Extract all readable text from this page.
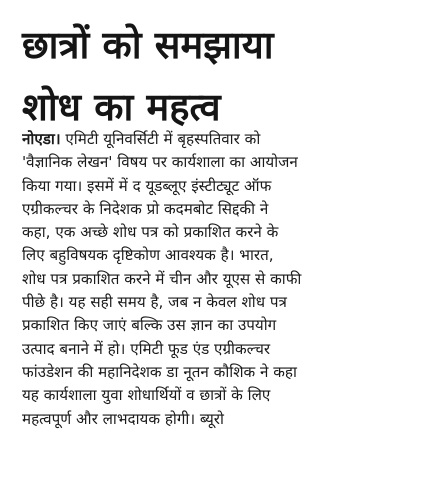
छात्रों को समझाया
शोध का महत्व
नोएडा। एमिटी यूनिवर्सिटी में बृहस्पतिवार को
'वैज्ञानिक लेखन' विषय पर कार्यशाला का आयोजन
किया गया। इसमें में द यूडब्लूए इंस्टीट्यूट ऑफ
एग्रीकल्चर के निदेशक प्रो कदमबोट सिद्दकी ने
कहा, एक अच्छे शोध पत्र को प्रकाशित करने के
लिए बहुविषयक दृष्टिकोण आवश्यक है। भारत,
शोध पत्र प्रकाशित करने में चीन और यूएस से काफी
पीछे है। यह सही समय है, जब न केवल शोध पत्र
प्रकाशित किए जाएं बल्कि उस ज्ञान का उपयोग
उत्पाद बनाने में हो। एमिटी फूड एंड एग्रीकल्चर
फांउडेशन की महानिदेशक डा नूतन कौशिक ने कहा
यह कार्यशाला युवा शोधार्थियों व छात्रों के लिए
महत्वपूर्ण और लाभदायक होगी। ब्यूरो
